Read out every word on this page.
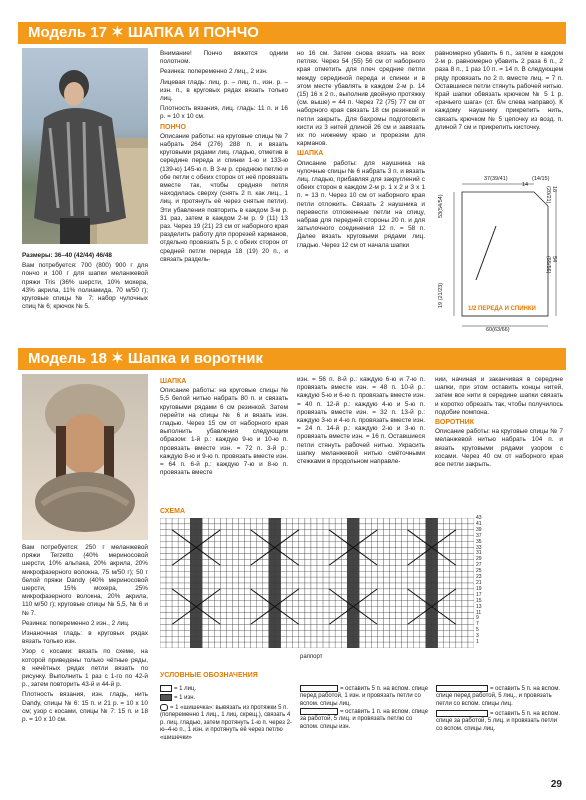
Модель 17 ✶ ШАПКА И ПОНЧО

Размеры: 36–40 (42/44) 46/48

Вам потребуется: 700 (800) 900 г для пончо и 100 г для шапки меланжевой пряжи Tris (36% шерсти, 10% мохера, 43% акрила, 11% полиамида, 70 м/50 г); круговые спицы № 7; набор чулочных спиц № 6; крючок № 5.

Внимание! Пончо вяжется одним полотном.

Резинка: попеременно 2 лиц., 2 изн.

Лицевая гладь: лиц. р. – лиц. п., изн. р. – изн. п., в круговых рядах вязать только лиц.

Плотность вязания, лиц. гладь: 11 п. и 16 р. = 10 х 10 см.

ПОНЧО

Описание работы: на круговые спицы № 7 набрать 264 (276) 288 п. и вязать круговыми рядами лиц. гладью, отметив в середине переда и спинки 1-ю и 133-ю (139-ю) 145-ю п. В 3-м р. среднюю петлю и обе петли с обеих сторон от неё провязать вместе так, чтобы средняя петля находилась сверху (снять 2 п. как лиц., 1 лиц. и протянуть её через снятые петли). Эти убавления повторить в каждом 3-м р. 31 раз, затем в каждом 2-м р. 9 (11) 13 раз. Через 19 (21) 23 см от наборного края разделить работу для прорезей карманов, отдельно провязать 5 р. с обеих сторон от средней петли переда 18 (19) 20 п., и связать раздель-

но 16 см. Затем снова вязать на всех петлях. Через 54 (55) 56 см от наборного края отметить для плеч средние петли между серединой переда и спинки и в этом месте убавлять в каждом 2-м р. 14 (15) 16 х 2 п., выполнив двойную протяжку (см. выше) = 44 п. Через 72 (75) 77 см от наборного края связать 18 см резинкой и петли закрыть. Для бахромы подготовить кисти из 3 нитей длиной 26 см и завязать их по нижнему краю и прорезям для карманов.

ШАПКА

Описание работы: для наушника на чулочные спицы № 6 набрать 3 п. и вязать лиц. гладью, прибавляя для закруглений с обеих сторон в каждом 2-м р. 1 х 2 и 3 х 1 п. = 13 п. Через 10 см от наборного края петли отложить. Связать 2 наушника и перевести отложенные петли на спицу, набрав для передней стороны 20 п. и для затылочного соединения 12 п. = 58 п. Далее вязать круговыми рядами лиц. гладью. Через 12 см от начала шапки

равномерно убавить 6 п., затем в каждом 2-м р. равномерно убавить 2 раза 6 п., 2 раза 8 п., 1 раз 10 п. = 14 п. В следующем ряду провязать по 2 п. вместе лиц. = 7 п. Оставшиеся петли стянуть рабочей нитью. Край шапки обвязать крючком № 5 1 р. «рачьего шага» (ст. б/н слева направо). К каждому наушнику прикрепить нить, связать крючком № 5 цепочку из возд. п. длиной 7 см и прикрепить кисточку.

37(39/41)	(14/15)
60(63/66)
53(54/54)
19 (21/23)
18 (20/21)
54 (55/56)
14
1/2 ПЕРЕДА И СПИНКИ
Модель 18 ✶ Шапка и воротник

Вам потребуется: 250 г меланжевой пряжи Terzetto (40% мериносовой шерсти, 10% альпака, 20% акрила, 20% микрофазерного волокна, 75 м/50 г); 50 г белой пряжи Dandy (40% мериносовой шерсти, 15% мохера, 25% микрофазерного волокна, 20% акрила, 110 м/50 г); круговые спицы № 5,5, № 6 и № 7.

Резинка: попеременно 2 изн., 2 лиц.

Изнаночная гладь: в круговых рядах вязать только изн.

Узор с косами: вязать по схеме, на которой приведены только чётные ряды, в нечётных рядах петли вязать по рисунку. Выполнить 1 раз с 1-го по 42-й р., затем повторить 43-й и 44-й р.

Плотность вязания, изн. гладь, нить Dandy, спицы № 6: 15 п. и 21 р. = 10 х 10 см; узор с косами, спицы № 7: 15 п. и 18 р. = 10 х 10 см.

ШАПКА

Описание работы: на круговые спицы № 5,5 белой нитью набрать 80 п. и связать круговыми рядами 6 см резинкой. Затем перейти на спицы № 6 и вязать изн. гладью. Через 15 см от наборного края выполнить убавления следующим образом: 1-й р.: каждую 9-ю и 10-ю п. провязать вместе изн. = 72 п. 3-й р.: каждую 8-ю и 9-ю п. провязать вместе изн. = 64 п. 6-й р.: каждую 7-ю и 8-ю п. провязать вместе

изн. = 56 п. 8-й р.: каждую 6-ю и 7-ю п. провязать вместе изн. = 48 п. 10-й р.: каждую 5-ю и 6-ю п. провязать вместе изн. = 40 п. 12-й р.: каждую 4-ю и 5-ю п. провязать вместе изн. = 32 п. 13-й р.: каждую 3-ю и 4-ю п. провязать вместе изн. = 24 п. 14-й р.: каждую 2-ю и 3-ю п. провязать вместе изн. = 16 п. Оставшиеся петли стянуть рабочей нитью. Украсить шапку меланжевой нитью смёточными стежками в продольном направле-

нии, начиная и заканчивая в середине шапки, при этом оставить концы нитей, затем все нити в середине шапки связать и коротко обрезать так, чтобы получилось подобие помпона.

ВОРОТНИК

Описание работы: на круговые спицы № 7 меланжевой нитью набрать 104 п. и вязать круговыми рядами узором с косами. Через 40 см от наборного края все петли закрыть.

СХЕМА
43
41
39
37
35
33
31
29
27
25
23
21
19
17
15
13
11
9
7
5
3
1
раппорт
УСЛОВНЫЕ ОБОЗНАЧЕНИЯ
= 1 лиц.
= 1 изн.
= 1 «шишечка»: вывязать из протяжки 5 п. (попеременно 1 лиц., 1 лиц. скрещ.), связать 4 р. лиц. гладью, затем протянуть 1-ю п. через 2-ю–4-ю п., 1 изн. и протянуть её через петлю «шишечки»
= оставить 5 п. на вспом. спице перед работой, 1 изн. и провязать петли со вспом. спицы лиц.
= оставить 1 п. на вспом. спице за работой, 5 лиц. и провязать петлю со вспом. спицы изн.
= оставить 5 п. на вспом. спице перед работой, 5 лиц., и провязать петли со вспом. спицы лиц.
= оставить 5 п. на вспом. спице за работой, 5 лиц. и провязать петли со вспом. спицы лиц.
29
